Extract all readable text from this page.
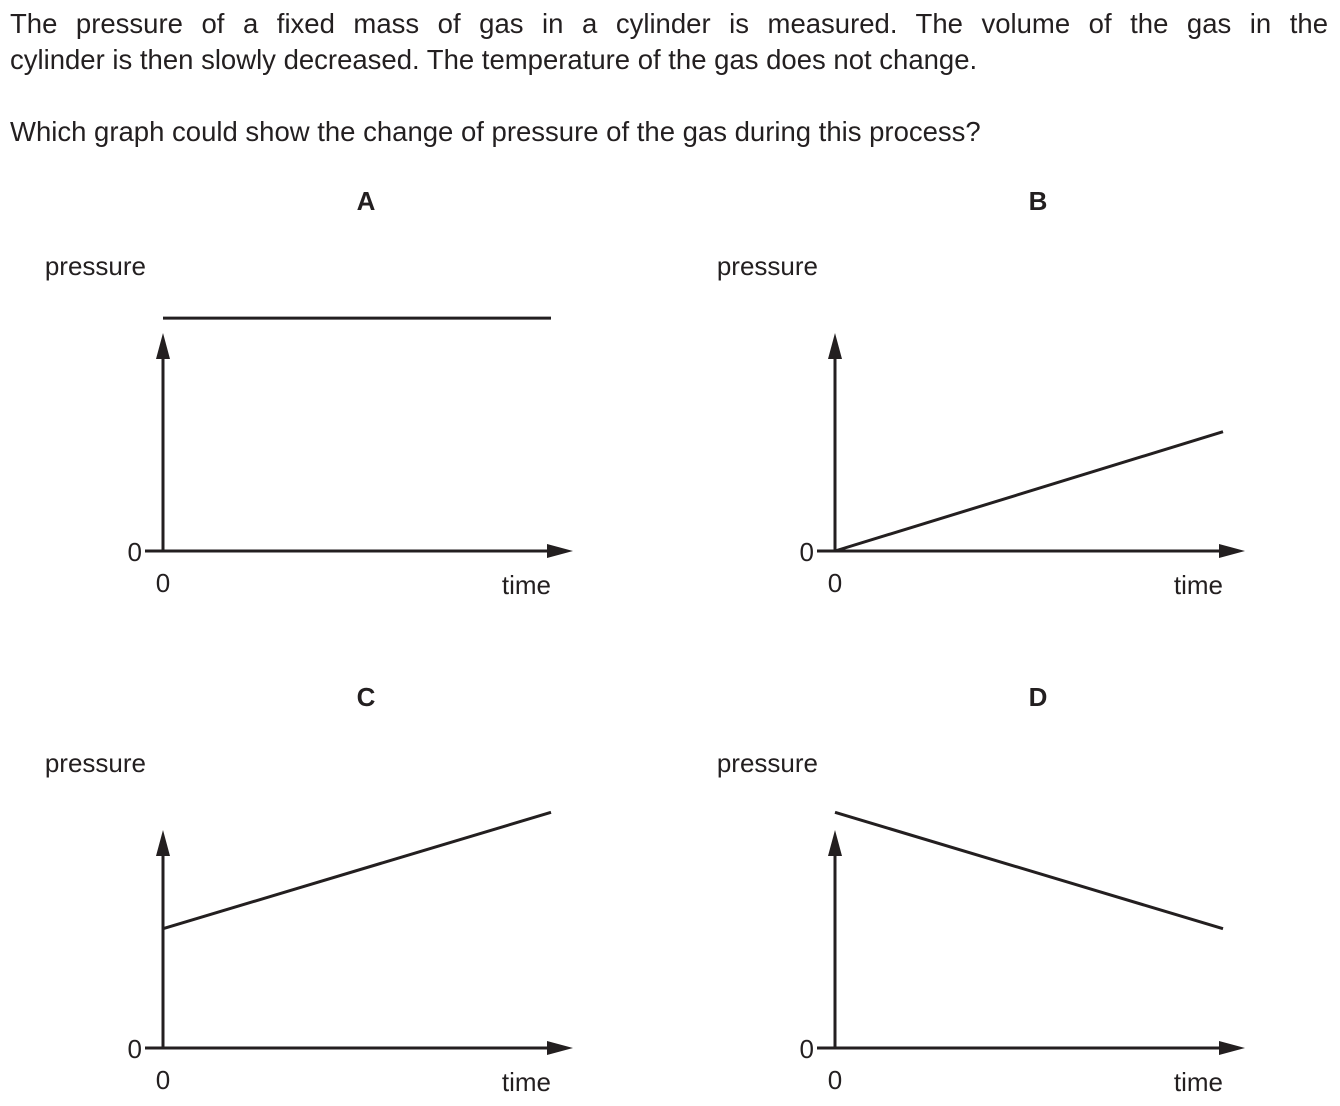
The pressure of a fixed mass of gas in a cylinder is measured. The volume of the gas in the

cylinder is then slowly decreased. The temperature of the gas does not change.

Which graph could show the change of pressure of the gas during this process?

A
0
0	time
pressure
B
0
0	time
pressure
C
0
0	time
pressure
D
0
0	time
pressure
